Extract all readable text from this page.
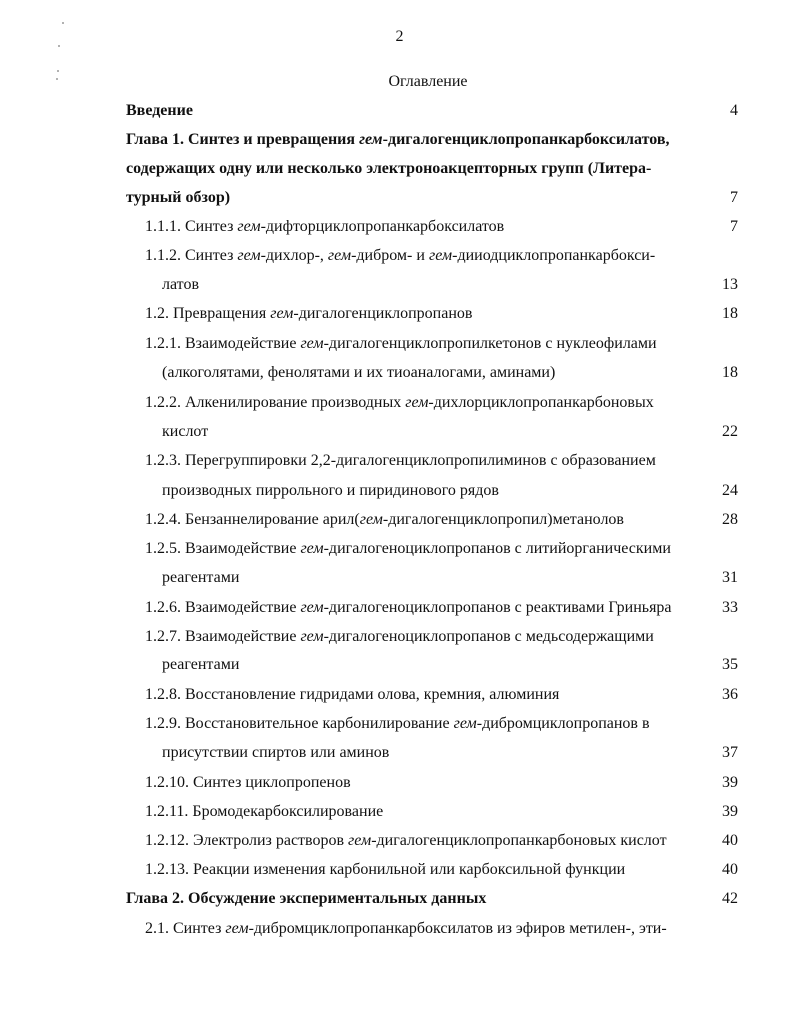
2
Оглавление
Введение	4
Глава 1. Синтез и превращения гем-дигалогенциклопропанкарбоксилатов,
содержащих одну или несколько электроноакцепторных групп (Литера-
турный обзор)	7
1.1.1. Синтез гем-дифторциклопропанкарбоксилатов	7
1.1.2. Синтез гем-дихлор-, гем-дибром- и гем-дииодциклопропанкарбокси-
латов	13
1.2. Превращения гем-дигалогенциклопропанов	18
1.2.1. Взаимодействие гем-дигалогенциклопропилкетонов с нуклеофилами
(алкоголятами, фенолятами и их тиоаналогами, аминами)	18
1.2.2. Алкенилирование производных гем-дихлорциклопропанкарбоновых
кислот	22
1.2.3. Перегруппировки 2,2-дигалогенциклопропилиминов с образованием
производных пиррольного и пиридинового рядов	24
1.2.4. Бензаннелирование арил(гем-дигалогенциклопропил)метанолов	28
1.2.5. Взаимодействие гем-дигалогеноциклопропанов с литийорганическими
реагентами	31
1.2.6. Взаимодействие гем-дигалогеноциклопропанов с реактивами Гриньяра	33
1.2.7. Взаимодействие гем-дигалогеноциклопропанов с медьсодержащими
реагентами	35
1.2.8. Восстановление гидридами олова, кремния, алюминия	36
1.2.9. Восстановительное карбонилирование гем-дибромциклопропанов в
присутствии спиртов или аминов	37
1.2.10. Синтез циклопропенов	39
1.2.11. Бромодекарбоксилирование	39
1.2.12. Электролиз растворов гем-дигалогенциклопропанкарбоновых кислот	40
1.2.13. Реакции изменения карбонильной или карбоксильной функции	40
Глава 2. Обсуждение экспериментальных данных	42
2.1. Синтез гем-дибромциклопропанкарбоксилатов из эфиров метилен-, эти-
